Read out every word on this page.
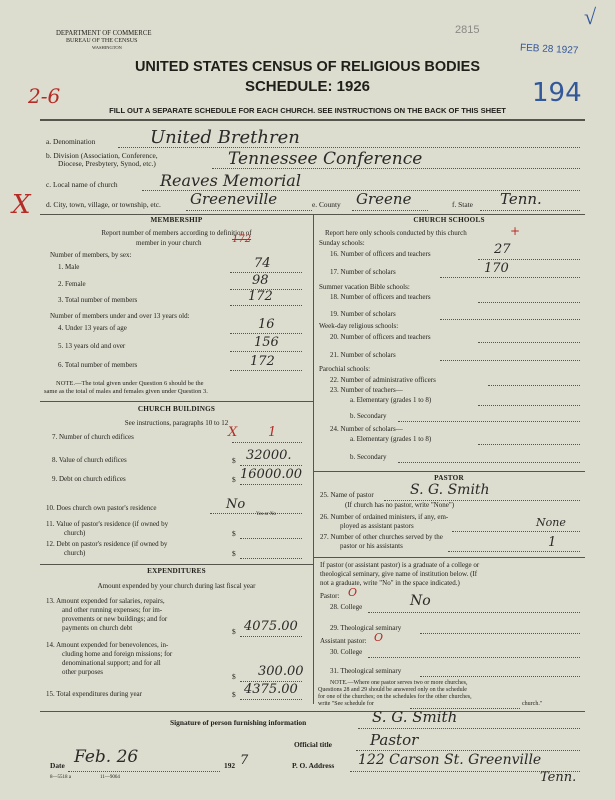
DEPARTMENT OF COMMERCE
BUREAU OF THE CENSUS
WASHINGTON
2815
√
FEB 28 1927
UNITED STATES CENSUS OF RELIGIOUS BODIES
SCHEDULE: 1926
2-6	194
FILL OUT A SEPARATE SCHEDULE FOR EACH CHURCH. SEE INSTRUCTIONS ON THE BACK OF THIS SHEET
a. Denomination	United Brethren
b. Division (Association, Conference,
Diocese, Presbytery, Synod, etc.)	Tennessee Conference
c. Local name of church	Reaves Memorial
X d. City, town, village, or township, etc. Greeneville	e. County Greene	f. State Tenn.
MEMBERSHIP
Report number of members according to definition of
member in your church	172
Number of members, by sex:
1. Male	74
2. Female	98
3. Total number of members	172
Number of members under and over 13 years old:
4. Under 13 years of age	16
5. 13 years old and over	156
6. Total number of members	172
NOTE.—The total given under Question 6 should be the
same as the total of males and females given under Question 3.
CHURCH BUILDINGS
See instructions, paragraphs 10 to 12
7. Number of church edifices	X 1
8. Value of church edifices	$ 32000.
9. Debt on church edifices	$ 16000.00
10. Does church own pastor's residence	No
Yes or No
11. Value of pastor's residence (if owned by
church)	$
12. Debt on pastor's residence (if owned by
church)	$
EXPENDITURES
Amount expended by your church during last fiscal year
13. Amount expended for salaries, repairs,
and other running expenses; for im-
provements or new buildings; and for
payments on church debt	$ 4075.00
14. Amount expended for benevolences, in-
cluding home and foreign missions; for
denominational support; and for all
other purposes	$ 300.00
15. Total expenditures during year	$ 4375.00
CHURCH SCHOOLS
Report here only schools conducted by this church	+
Sunday schools:
16. Number of officers and teachers	27
17. Number of scholars	170
Summer vacation Bible schools:
18. Number of officers and teachers
19. Number of scholars
Week-day religious schools:
20. Number of officers and teachers
21. Number of scholars
Parochial schools:
22. Number of administrative officers
23. Number of teachers—
a. Elementary (grades 1 to 8)
b. Secondary
24. Number of scholars—
a. Elementary (grades 1 to 8)
b. Secondary
PASTOR
25. Name of pastor	S. G. Smith
(If church has no pastor, write "None")
26. Number of ordained ministers, if any, em-
ployed as assistant pastors	None
27. Number of other churches served by the
pastor or his assistants	1
If pastor (or assistant pastor) is a graduate of a college or
theological seminary, give name of institution below. (If
not a graduate, write "No" in the space indicated.)
Pastor: O
28. College	No
29. Theological seminary
Assistant pastor: O
30. College
31. Theological seminary
NOTE.—Where one pastor serves two or more churches,
Questions 28 and 29 should be answered only on the schedule
for one of the churches; on the schedules for the other churches,
write "See schedule for	church."
Signature of person furnishing information	S. G. Smith
Official title	Pastor
Date Feb. 26	192 7	P. O. Address 122 Carson St. Greenville
Tenn.
8—5518 a	11—9064
